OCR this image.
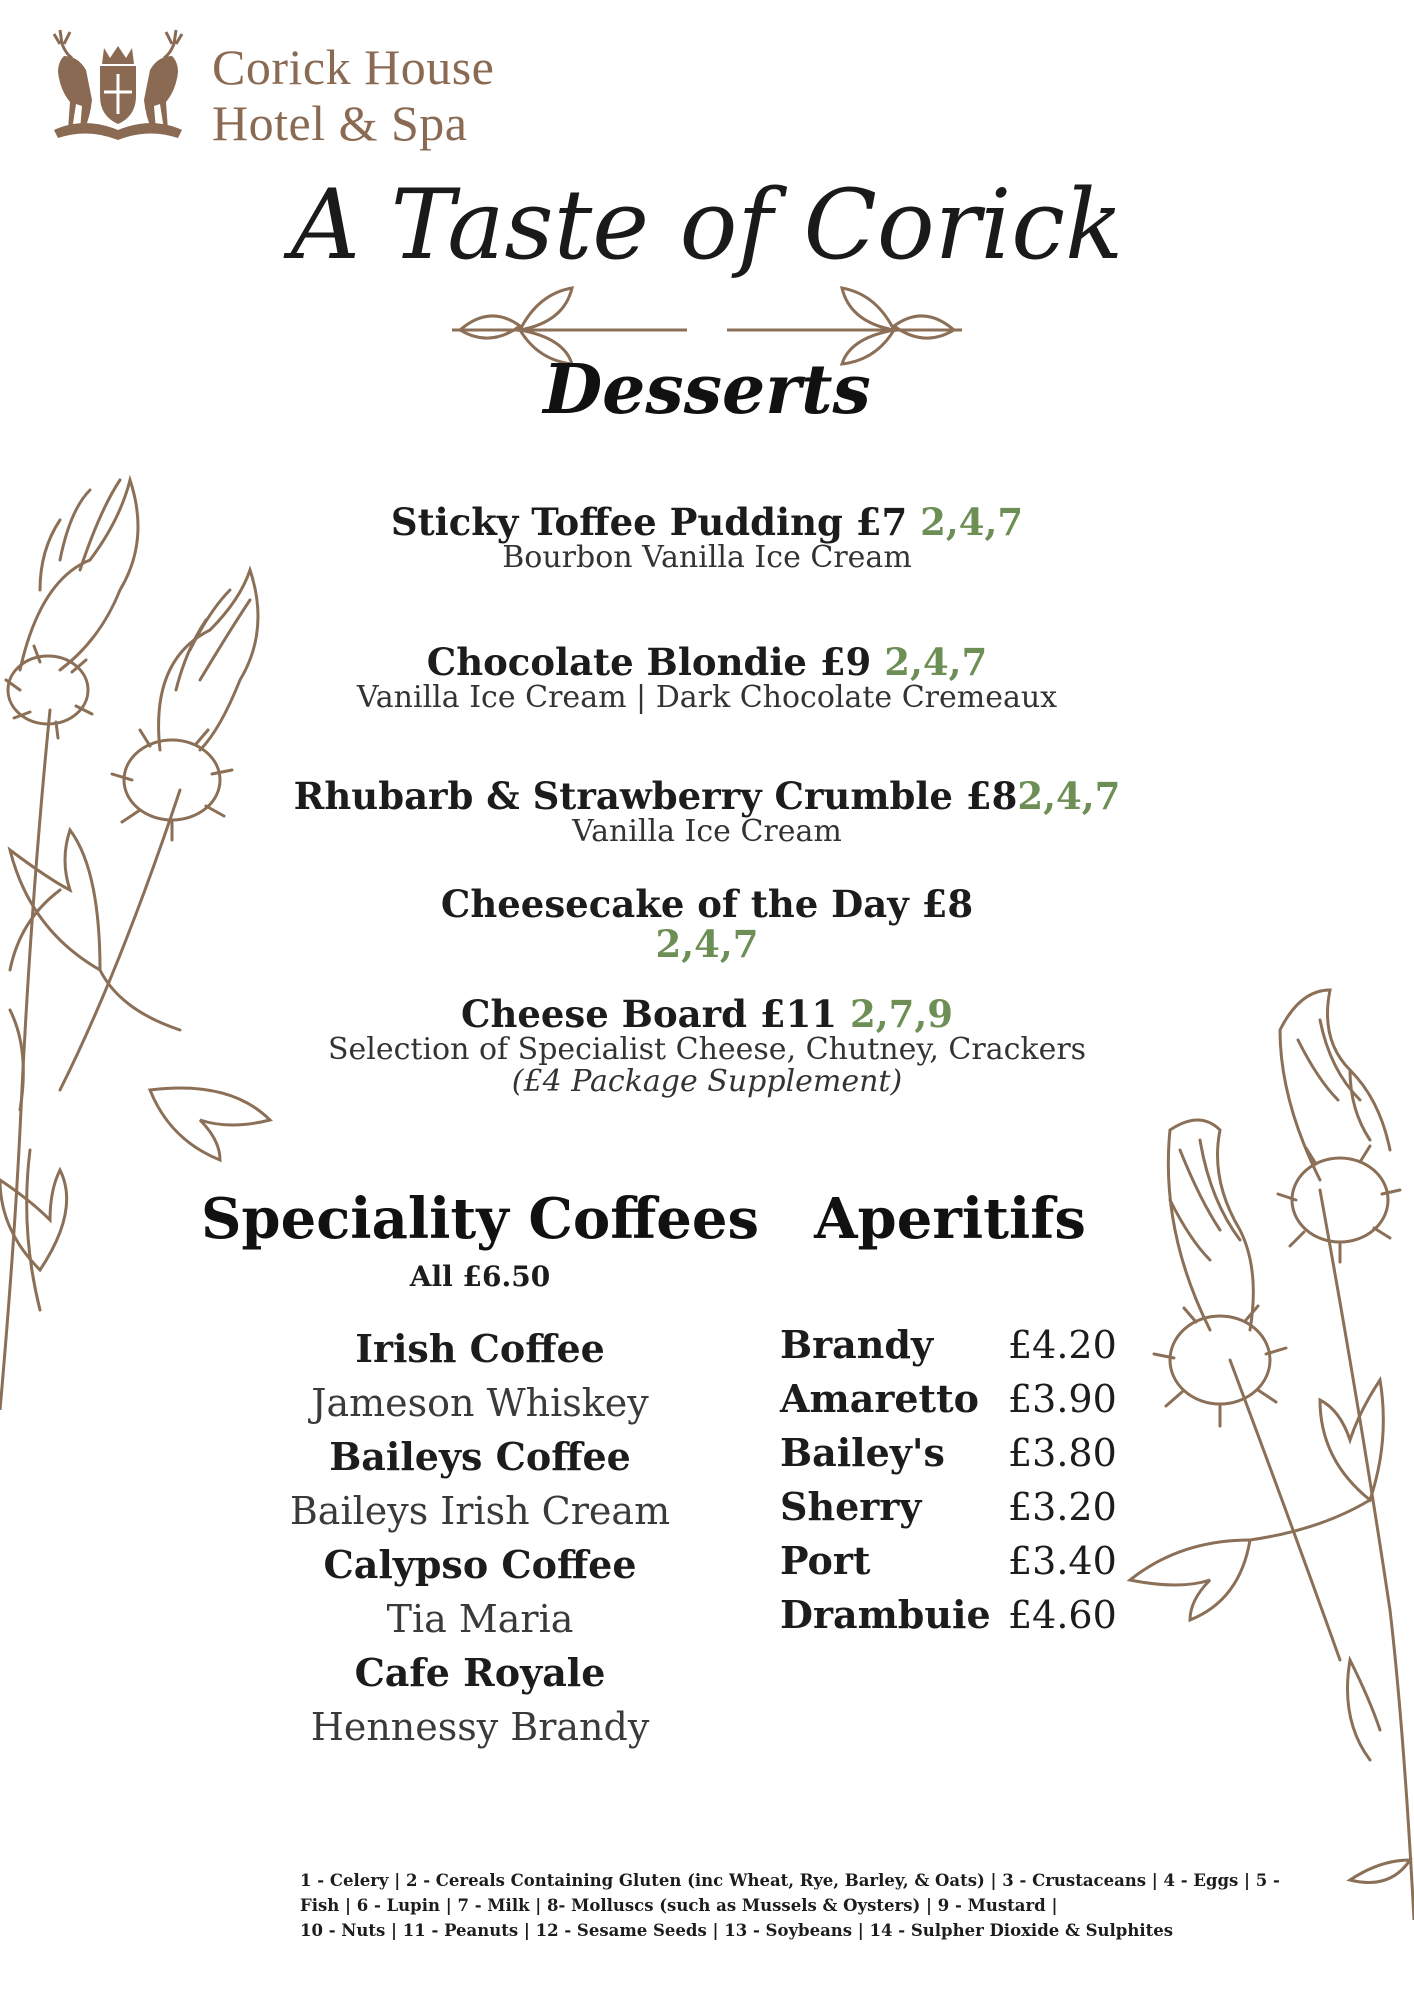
Corick House
Hotel & Spa
A Taste of Corick
Desserts
Sticky Toffee Pudding £7 2,4,7
Bourbon Vanilla Ice Cream
Chocolate Blondie £9 2,4,7
Vanilla Ice Cream | Dark Chocolate Cremeaux
Rhubarb & Strawberry Crumble £82,4,7
Vanilla Ice Cream
Cheesecake of the Day £8
2,4,7
Cheese Board £11 2,7,9
Selection of Specialist Cheese, Chutney, Crackers
(£4 Package Supplement)
Speciality Coffees
All £6.50
Irish Coffee
Jameson Whiskey
Baileys Coffee
Baileys Irish Cream
Calypso Coffee
Tia Maria
Cafe Royale
Hennessy Brandy
Aperitifs
Brandy £4.20
Amaretto £3.90
Bailey's £3.80
Sherry £3.20
Port	£3.40
Drambuie £4.60
1 - Celery | 2 - Cereals Containing Gluten (inc Wheat, Rye, Barley, & Oats) | 3 - Crustaceans | 4 - Eggs | 5 -
Fish | 6 - Lupin | 7 - Milk | 8- Molluscs (such as Mussels & Oysters) | 9 - Mustard |
10 - Nuts | 11 - Peanuts | 12 - Sesame Seeds | 13 - Soybeans | 14 - Sulpher Dioxide & Sulphites
